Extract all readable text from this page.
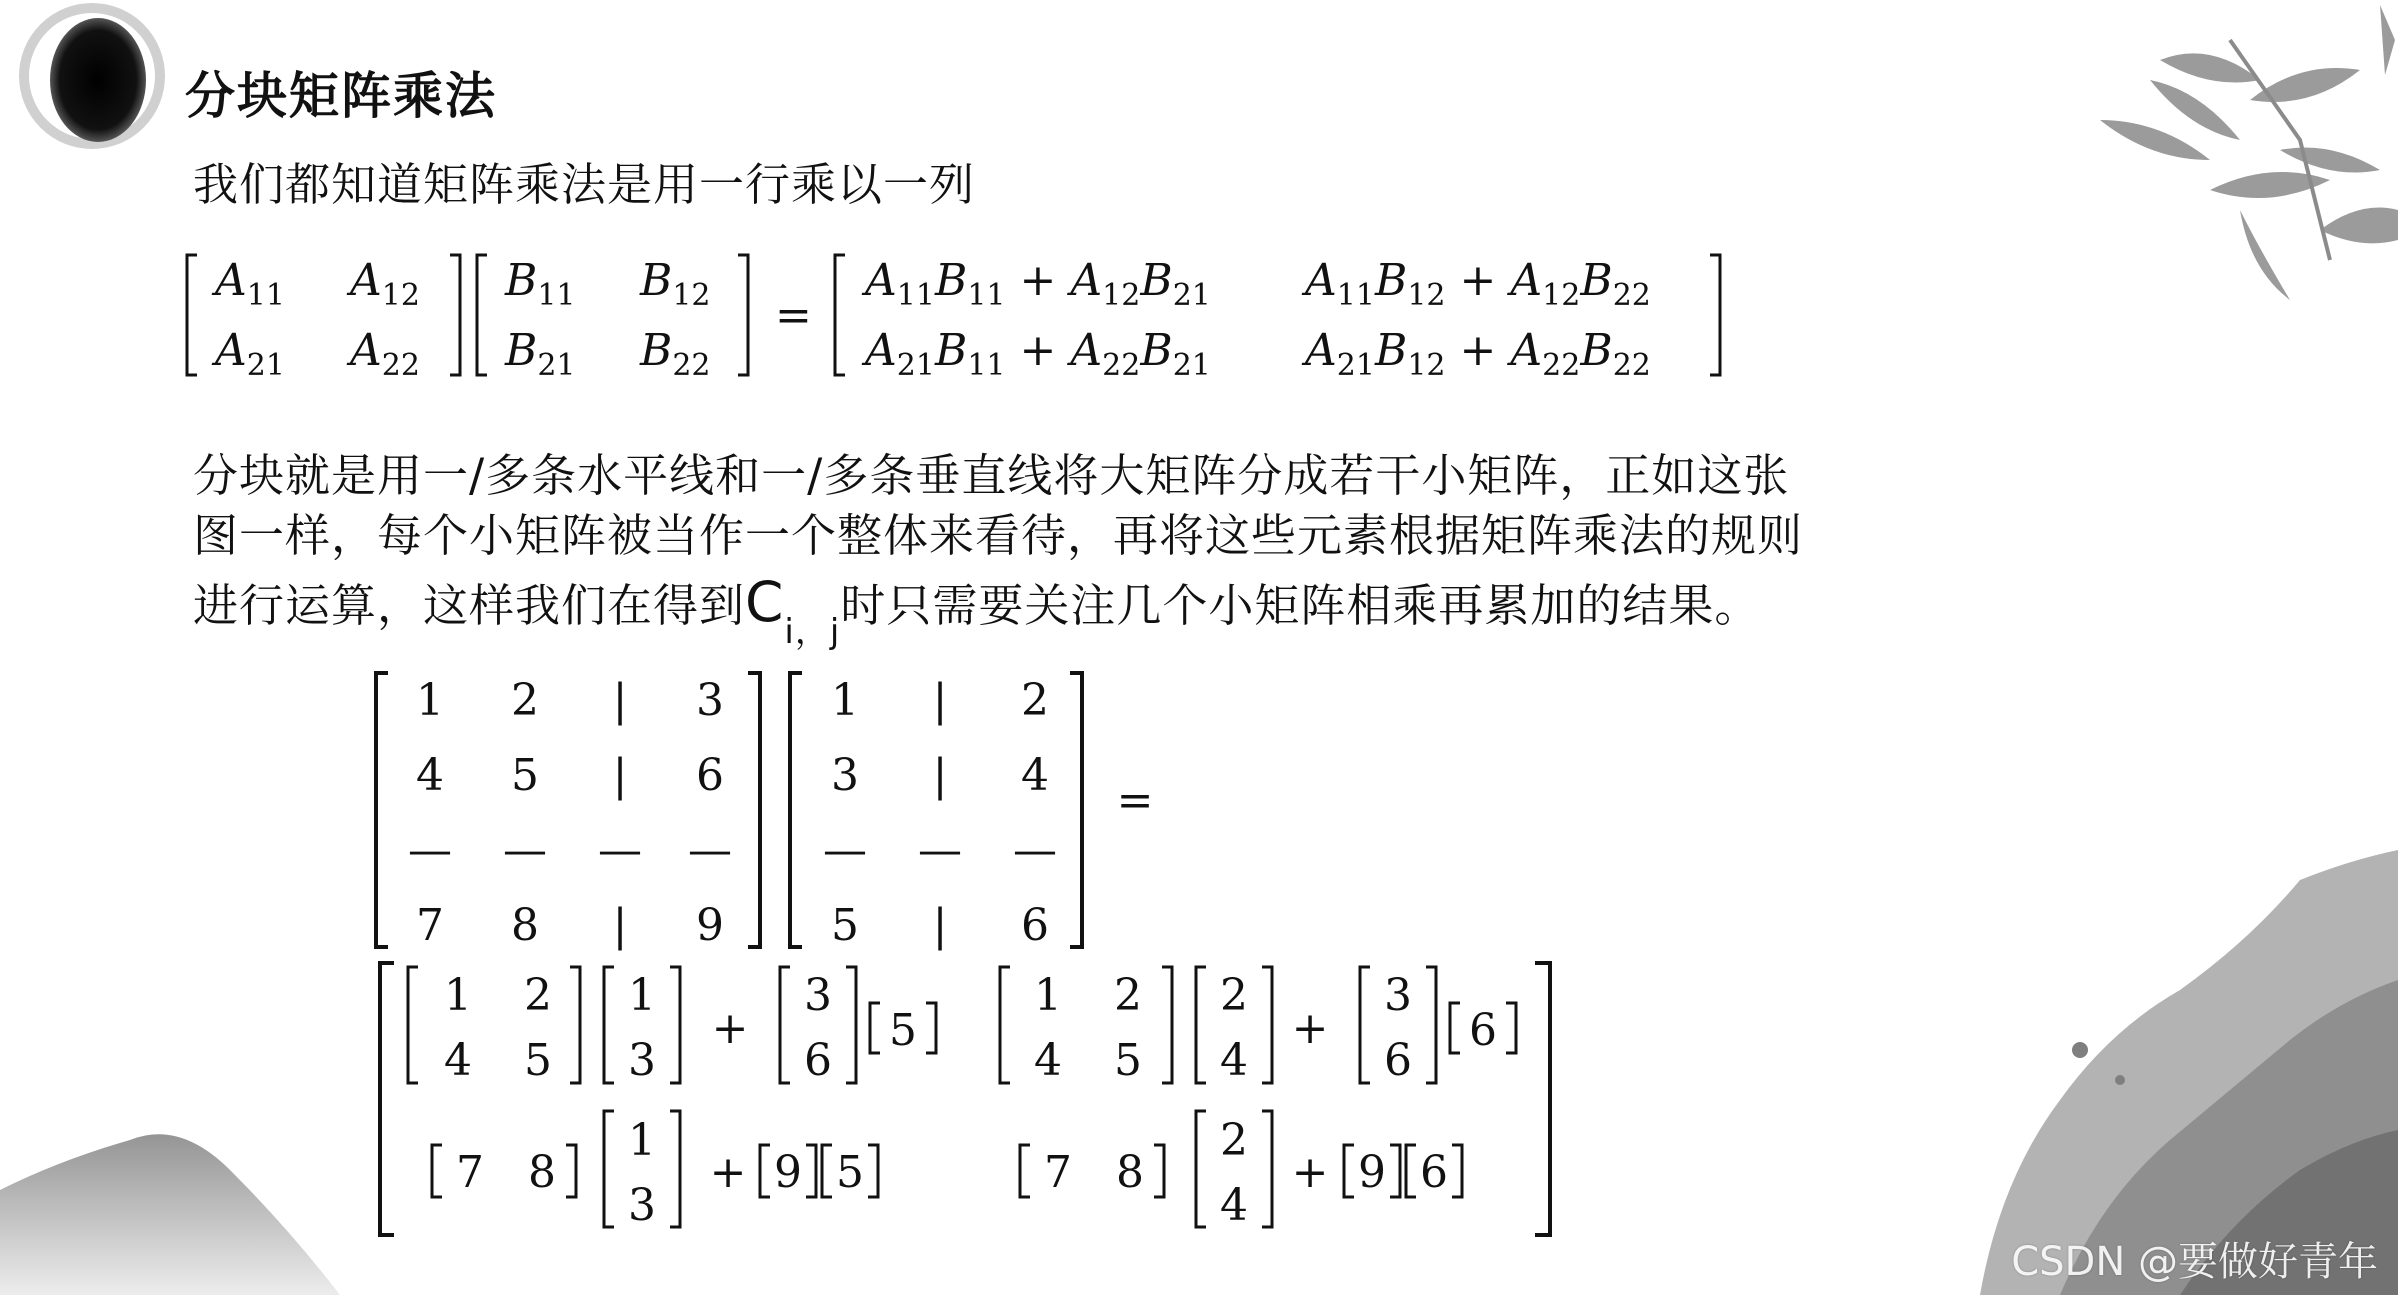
分块矩阵乘法
我们都知道矩阵乘法是用一行乘以一列
$A_{11}$ $A_{12}$
$A_{21}$ $A_{22}$
$B_{11}$ $B_{12}$
$B_{21}$ $B_{22}$
=
$A_{11}B_{11} + A_{12}B_{21}$ $A_{11}B_{12} + A_{12}B_{22}$
$A_{21}B_{11} + A_{22}B_{21}$ $A_{21}B_{12} + A_{22}B_{22}$
分块就是用一/多条水平线和一/多条垂直线将大矩阵分成若干小矩阵，正如这张
图一样，每个小矩阵被当作一个整体来看待，再将这些元素根据矩阵乘法的规则
进行运算，这样我们在得到$C_{i,j}$时只需要关注几个小矩阵相乘再累加的结果。
1 2 | 3
4 5 | 6
— — — —
7 8 | 9
1 | 2
3 | 4
— — —
5 | 6
=
1 2
4 5
1
3
+
3
6
5
1 2
4 5
2
4
+
3
6
6
7 8
1
3
+ 9 5	7 8
2
4
+ 9 6
CSDN @要做好青年
